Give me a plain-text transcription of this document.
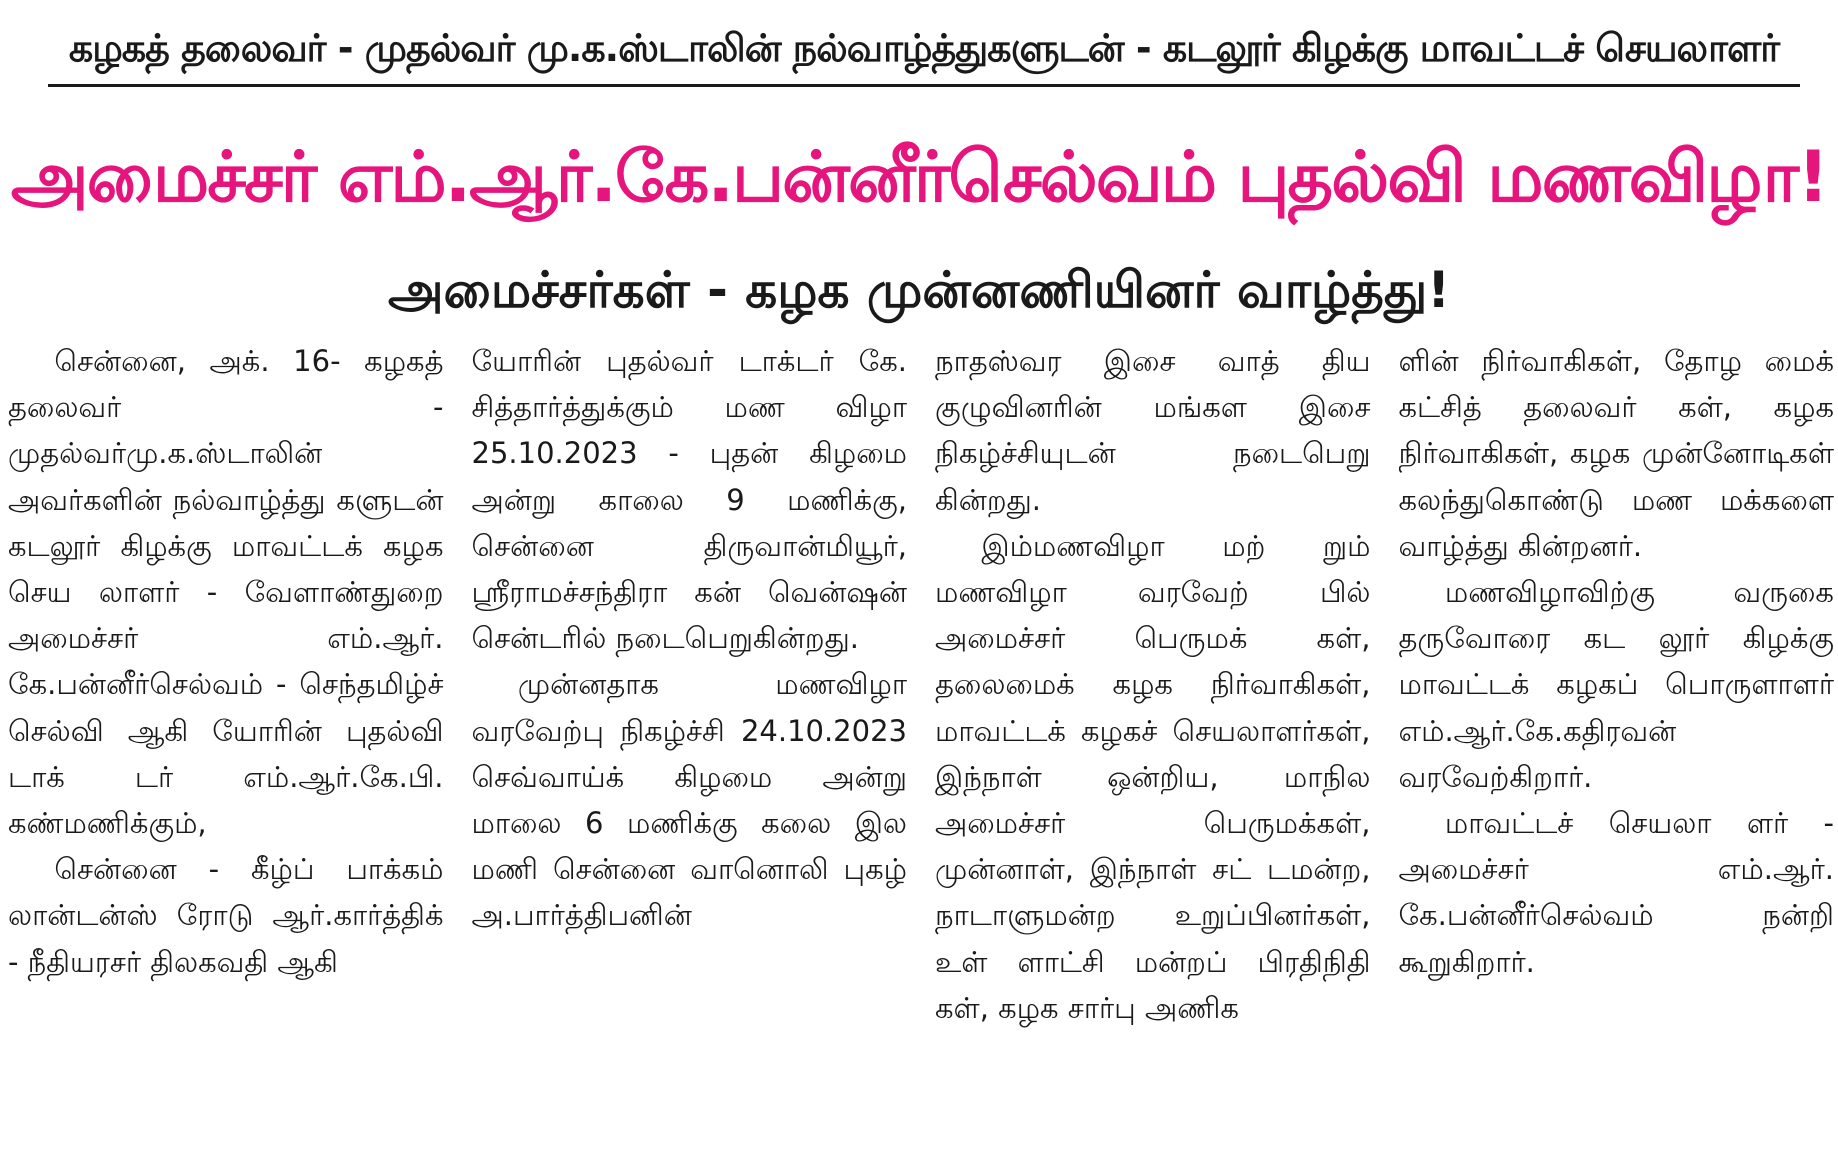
கழகத் தலைவர் - முதல்வர் மு.க.ஸ்டாலின் நல்வாழ்த்துகளுடன் - கடலூர் கிழக்கு மாவட்டச் செயலாளர்
அமைச்சர் எம்.ஆர்.கே.பன்னீர்செல்வம் புதல்வி மணவிழா!
அமைச்சர்கள் - கழக முன்னணியினர் வாழ்த்து!

சென்னை, அக். 16- கழகத் தலைவர் - முதல்வர்மு.க.ஸ்டாலின் அவர்களின் நல்வாழ்த்து களுடன் கடலூர் கிழக்கு மாவட்டக் கழக செய லாளர் - வேளாண்துறை அமைச்சர் எம்.ஆர். கே.பன்னீர்செல்வம் - செந்தமிழ்ச் செல்வி ஆகி யோரின் புதல்வி டாக் டர் எம்.ஆர்.கே.பி. கண்மணிக்கும்,

சென்னை - கீழ்ப் பாக்கம் லான்டன்ஸ் ரோடு ஆர்.கார்த்திக் - நீதியரசர் திலகவதி ஆகி

யோரின் புதல்வர் டாக்டர் கே. சித்தார்த்துக்கும் மண விழா 25.10.2023 - புதன் கிழமை அன்று காலை 9 மணிக்கு, சென்னை திருவான்மியூர், ஸ்ரீராமச்சந்திரா கன் வென்ஷன் சென்டரில் நடைபெறுகின்றது.

முன்னதாக மணவிழா வரவேற்பு நிகழ்ச்சி 24.10.2023 செவ்வாய்க் கிழமை அன்று மாலை 6 மணிக்கு கலை இல மணி சென்னை வானொலி புகழ் அ.பார்த்திபனின்

நாதஸ்வர இசை வாத் திய குழுவினரின் மங்கள இசை நிகழ்ச்சியுடன் நடைபெறு கின்றது.

இம்மணவிழா மற் றும் மணவிழா வரவேற் பில் அமைச்சர் பெருமக் கள், தலைமைக் கழக நிர்வாகிகள், மாவட்டக் கழகச் செயலாளர்கள், இந்நாள் ஒன்றிய, மாநில அமைச்சர் பெருமக்கள், முன்னாள், இந்நாள் சட் டமன்ற, நாடாளுமன்ற உறுப்பினர்கள், உள் ளாட்சி மன்றப் பிரதிநிதி கள், கழக சார்பு அணிக

ளின் நிர்வாகிகள், தோழ மைக் கட்சித் தலைவர் கள், கழக நிர்வாகிகள், கழக முன்னோடிகள் கலந்துகொண்டு மண மக்களை வாழ்த்து கின்றனர்.

மணவிழாவிற்கு வருகை தருவோரை கட லூர் கிழக்கு மாவட்டக் கழகப் பொருளாளர் எம்.ஆர்.கே.கதிரவன் வரவேற்கிறார்.

மாவட்டச் செயலா ளர் - அமைச்சர் எம்.ஆர். கே.பன்னீர்செல்வம் நன்றி கூறுகிறார்.
